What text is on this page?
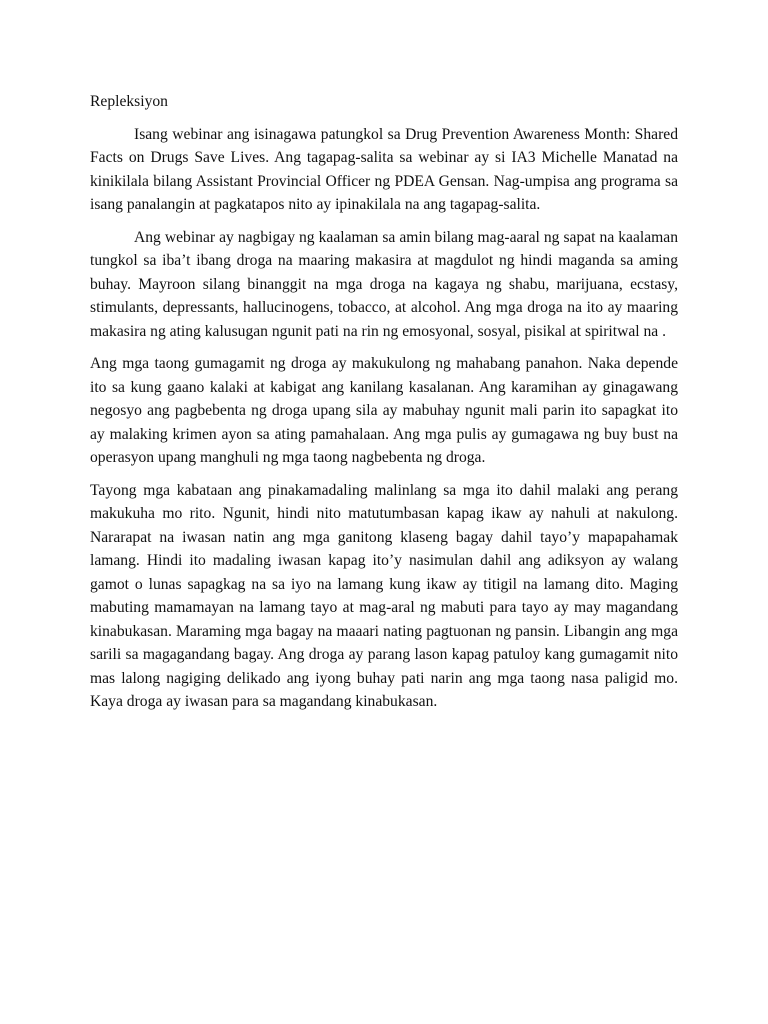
Repleksiyon

Isang webinar ang isinagawa patungkol sa Drug Prevention Awareness Month: Shared Facts on Drugs Save Lives. Ang tagapag-salita sa webinar ay si IA3 Michelle Manatad na kinikilala bilang Assistant Provincial Officer ng PDEA Gensan. Nag-umpisa ang programa sa isang panalangin at pagkatapos nito ay ipinakilala na ang tagapag-salita.

Ang webinar ay nagbigay ng kaalaman sa amin bilang mag-aaral ng sapat na kaalaman tungkol sa iba’t ibang droga na maaring makasira at magdulot ng hindi maganda sa aming buhay. Mayroon silang binanggit na mga droga na kagaya ng shabu, marijuana, ecstasy, stimulants, depressants, hallucinogens, tobacco, at alcohol. Ang mga droga na ito ay maaring makasira ng ating kalusugan ngunit pati na rin ng emosyonal, sosyal, pisikal at spiritwal na .

Ang mga taong gumagamit ng droga ay makukulong ng mahabang panahon. Naka depende ito sa kung gaano kalaki at kabigat ang kanilang kasalanan. Ang karamihan ay ginagawang negosyo ang pagbebenta ng droga upang sila ay mabuhay ngunit mali parin ito sapagkat ito ay malaking krimen ayon sa ating pamahalaan. Ang mga pulis ay gumagawa ng buy bust na operasyon upang manghuli ng mga taong nagbebenta ng droga.

Tayong mga kabataan ang pinakamadaling malinlang sa mga ito dahil malaki ang perang makukuha mo rito. Ngunit, hindi nito matutumbasan kapag ikaw ay nahuli at nakulong. Nararapat na iwasan natin ang mga ganitong klaseng bagay dahil tayo’y mapapahamak lamang. Hindi ito madaling iwasan kapag ito’y nasimulan dahil ang adiksyon ay walang gamot o lunas sapagkag na sa iyo na lamang kung ikaw ay titigil na lamang dito. Maging mabuting mamamayan na lamang tayo at mag-aral ng mabuti para tayo ay may magandang kinabukasan. Maraming mga bagay na maaari nating pagtuonan ng pansin. Libangin ang mga sarili sa magagandang bagay. Ang droga ay parang lason kapag patuloy kang gumagamit nito mas lalong nagiging delikado ang iyong buhay pati narin ang mga taong nasa paligid mo. Kaya droga ay iwasan para sa magandang kinabukasan.
